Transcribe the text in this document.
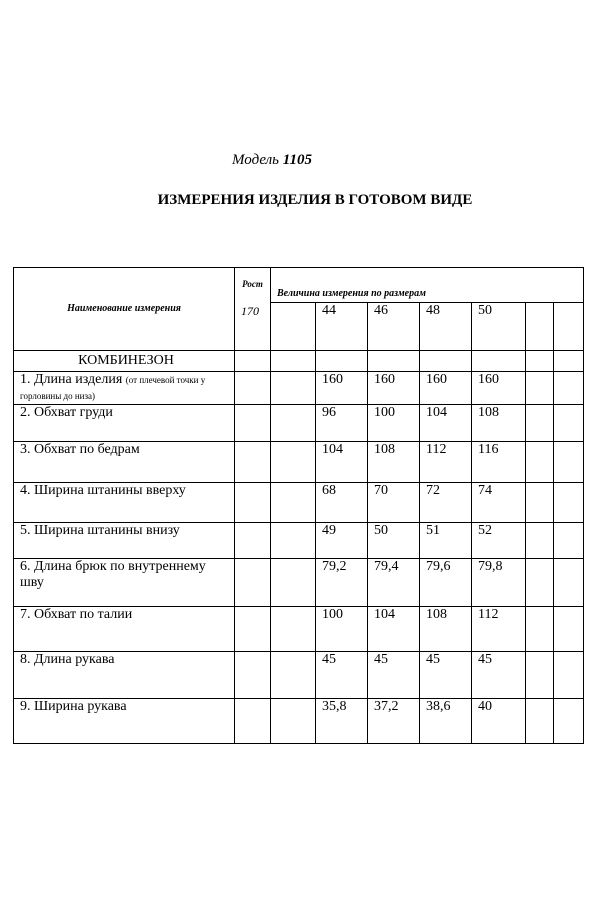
Модель 1105
ИЗМЕРЕНИЯ ИЗДЕЛИЯ В ГОТОВОМ ВИДЕ
Наименование измерения	Рост	Величина измерения по размерам						
	170		44	46	48	50		
КОМБИНЕЗОН								
1. Длина изделия (от плечевой точки у горловины до низа)			160	160	160	160		
2. Обхват груди			96	100	104	108		
3. Обхват по бедрам			104	108	112	116		
4. Ширина штанины вверху			68	70	72	74		
5. Ширина штанины внизу			49	50	51	52		
6. Длина брюк по внутреннему шву			79,2	79,4	79,6	79,8		
7. Обхват по талии			100	104	108	112		
8. Длина рукава			45	45	45	45		
9. Ширина рукава			35,8	37,2	38,6	40		
